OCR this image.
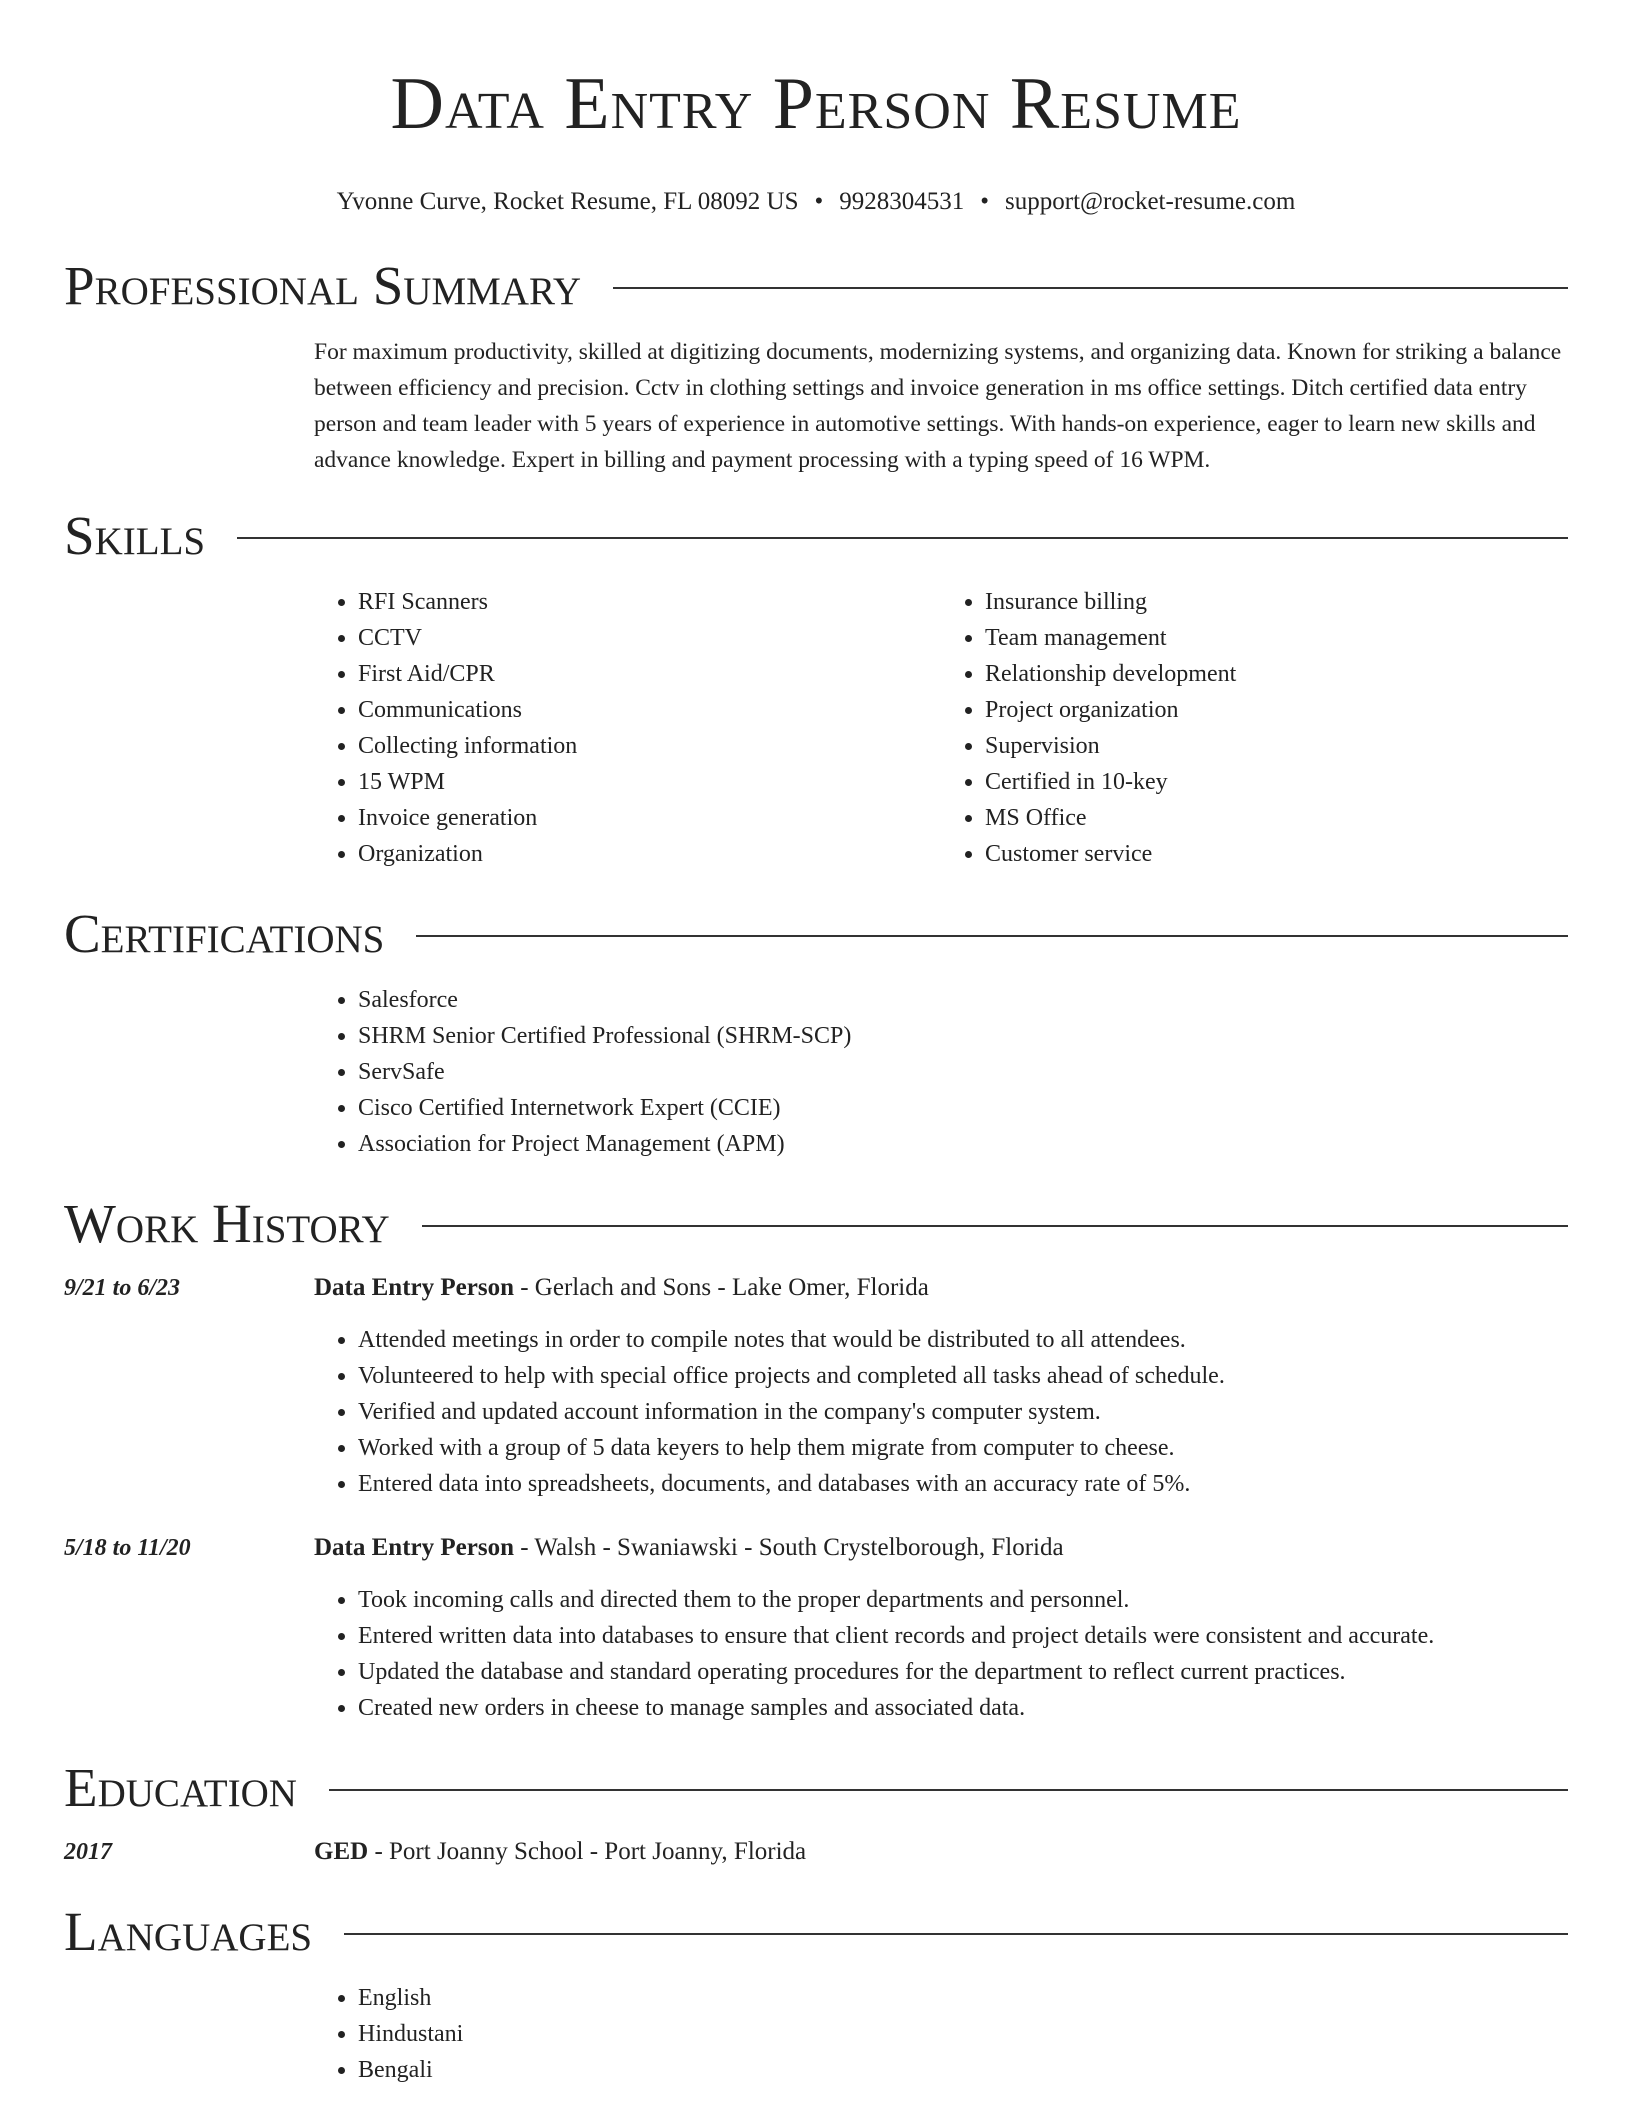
Data Entry Person Resume
Yvonne Curve, Rocket Resume, FL 08092 US • 9928304531 • support@rocket-resume.com
Professional Summary

For maximum productivity, skilled at digitizing documents, modernizing systems, and organizing data. Known for striking a balance between efficiency and precision. Cctv in clothing settings and invoice generation in ms office settings. Ditch certified data entry person and team leader with 5 years of experience in automotive settings. With hands-on experience, eager to learn new skills and advance knowledge. Expert in billing and payment processing with a typing speed of 16 WPM.

Skills
• RFI Scanners
• CCTV
• First Aid/CPR
• Communications
• Collecting information
• 15 WPM
• Invoice generation
• Organization
• Insurance billing
• Team management
• Relationship development
• Project organization
• Supervision
• Certified in 10-key
• MS Office
• Customer service
Certifications
• Salesforce
• SHRM Senior Certified Professional (SHRM-SCP)
• ServSafe
• Cisco Certified Internetwork Expert (CCIE)
• Association for Project Management (APM)
Work History
9/21 to 6/23	Data Entry Person - Gerlach and Sons - Lake Omer, Florida
• Attended meetings in order to compile notes that would be distributed to all attendees.
• Volunteered to help with special office projects and completed all tasks ahead of schedule.
• Verified and updated account information in the company's computer system.
• Worked with a group of 5 data keyers to help them migrate from computer to cheese.
• Entered data into spreadsheets, documents, and databases with an accuracy rate of 5%.
5/18 to 11/20	Data Entry Person - Walsh - Swaniawski - South Crystelborough, Florida
• Took incoming calls and directed them to the proper departments and personnel.
• Entered written data into databases to ensure that client records and project details were consistent and accurate.
• Updated the database and standard operating procedures for the department to reflect current practices.
• Created new orders in cheese to manage samples and associated data.
Education
2017	GED - Port Joanny School - Port Joanny, Florida
Languages
• English
• Hindustani
• Bengali
